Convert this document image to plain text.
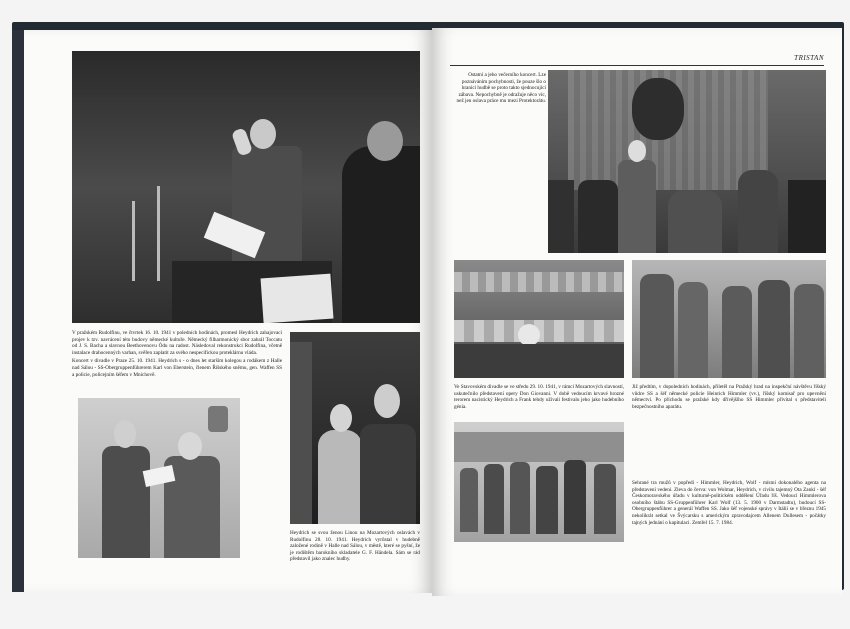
V pražském Rudolfinu, ve čtvrtek 16. 10. 1941 v poledních hodinách, promesl Heydrich zahajovací projev k tzv. navrácení této budovy německé kultuře. Německý filharmonický sbor zahrál Toccatu od J. S. Bacha a slavnou Beethovenovu Ódu na radost. Následoval rekonstrukci Rudolfina, včetně instalace drahocenných varhan, svěřen zaplatit za svého nespecifickou proteklárnu vláda.

Koncert v divadle v Praze 25. 10. 1941. Heydrich s - o dnes let starším kolegou a rodákem z Halle nad Sálou - SS-Obergruppenführerem Karl von Eberstein, členem Říšského sněmu, gen. Waffen SS a policie, policejním šéfem v Mnichově.

Heydrich se svou ženou Linou na Mozartových oslavách v Rudolfinu 28. 10. 1941. Heydrich vyrůstal v hudebně založené rodině v Halle nad Sálou, v městě, které se pyšní, že je rodištěm barokního skladatele G. F. Händela. Sám se rád představil jako znalec hudby.
TRISTAN
Ostatní a jeho večerního koncert. Lze poznáváním pochybnosti, že pouze šlo o hranici hudbě se proto takto sjednocující zábava. Nepochybně je odražuje něco víc, než jen oslava práce mu mezi Protektorátu.
Ve Stavovském divadle se ve středu 29. 10. 1941, v rámci Mozartových slavností, uskutečnilo představení opery Don Giovanni. V době vedoucím krvavé hrozné terorem nacistický Heydrich a Frank tehdy užívali festivalu jeho jako hudebního génia.
Již předtím, v dopoledních hodinách, přiletěl na Pražský hrad na inspekční návštěvu říšský vůdce SS a šéf německé policie Heinrich Himmler (vv.), říšský komisař pro upevnění němectví. Po příchodu se pražské kdy dřívějšího SS Himmler přivítal s představiteli bezpečnostního aparátu.
Sehrané tra mužů v popředí - Himmler, Heydrich, Wolf - místní dokonalého agenta na představení vedení. Zleva do červa: von Wolmar, Heydrich, v civilu tajemný Ota Zankl - šéf Českomoravského úřadu v kulturně-politickém oddělení Úřadu říš. Vedoucí Himmlerova osobního štábu SS-Gruppenführer Karl Wolf (13. 5. 1900 v Darmstadtu), budoucí SS-Obergruppenführer a generál Waffen SS. Jako šéf vojenské správy v Itálii se v březnu 1945 nekolikrát setkal ve Švýcarsku s americkým zpravodajcem Allenem Dullesem - počátky tajných jednání o kapitulaci. Zemřel 15. 7. 1984.
